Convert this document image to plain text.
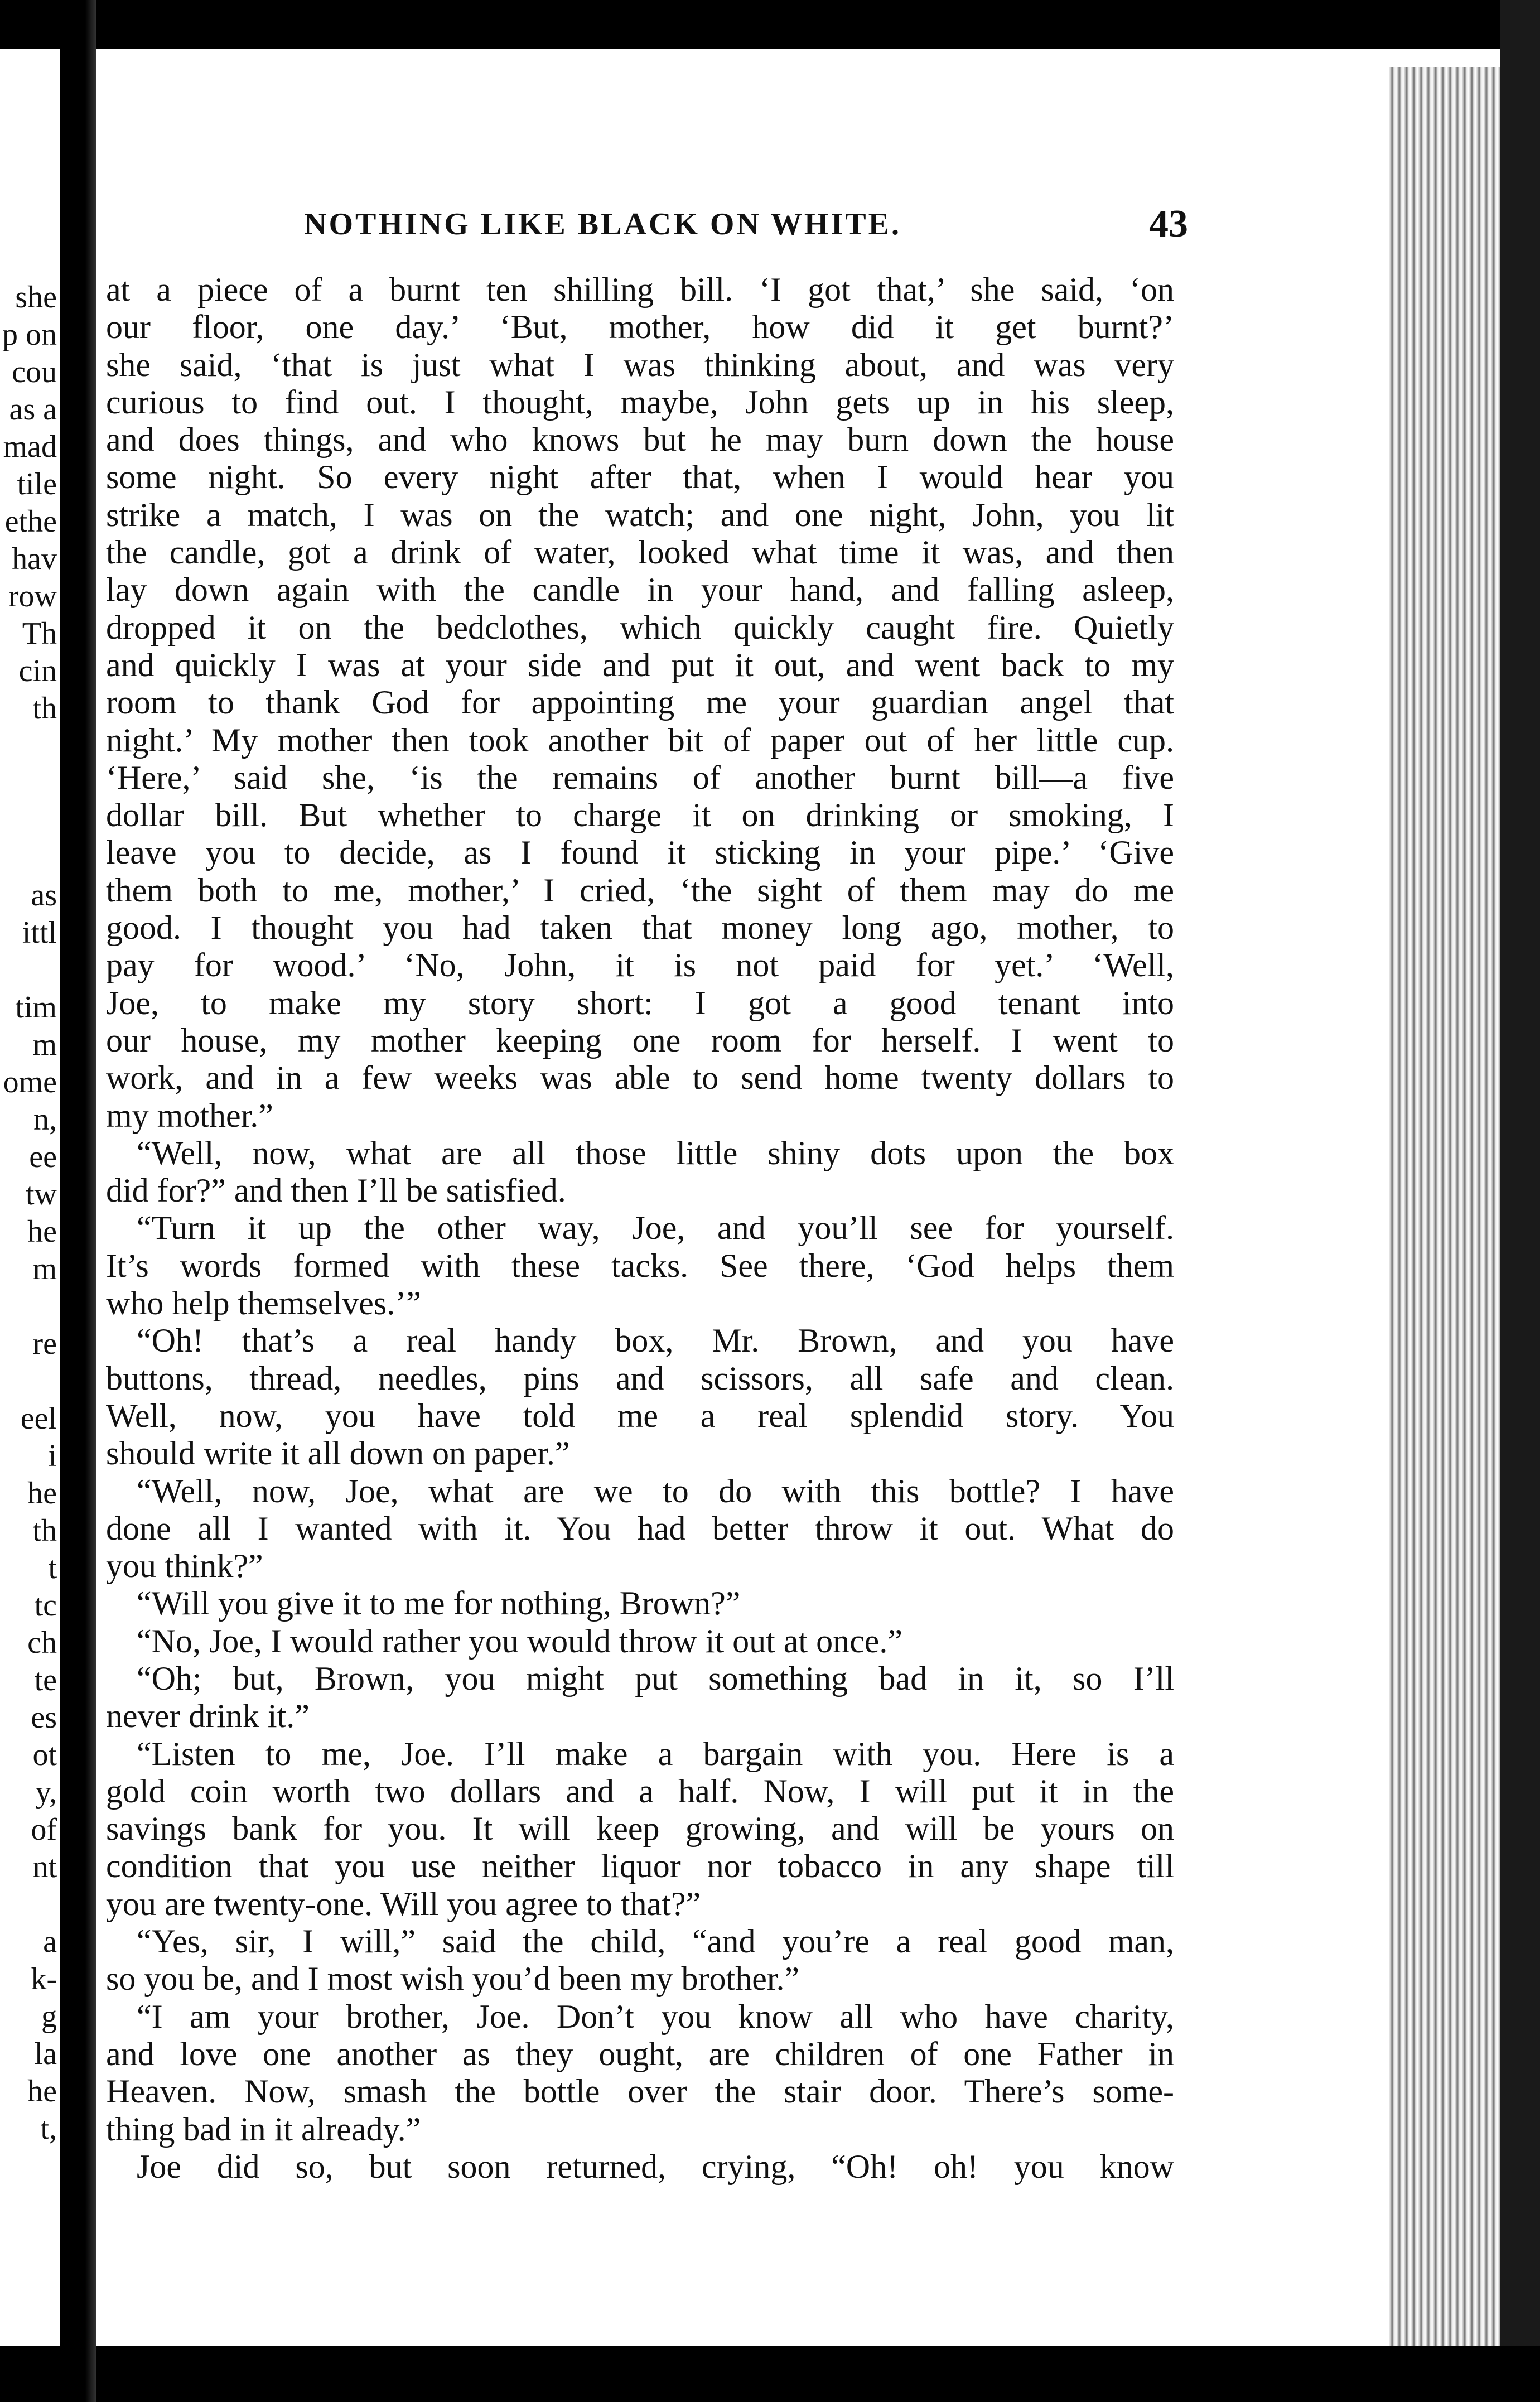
she
p on
cou
as a
mad
tile
ethe
hav
row
Th
cin
th
as
ittl
tim
m
ome
n,
ee
tw
he
m
re
eel
i
he
th
t
tc
ch
te
es
ot
y,
of
nt
a
k-
g
la
he
t,
NOTHING LIKE BLACK ON WHITE.	43
at a piece of a burnt ten shilling bill. ‘I got that,’ she said, ‘on
our floor, one day.’ ‘But, mother, how did it get burnt?’
she said, ‘that is just what I was thinking about, and was very
curious to find out. I thought, maybe, John gets up in his sleep,
and does things, and who knows but he may burn down the house
some night. So every night after that, when I would hear you
strike a match, I was on the watch; and one night, John, you lit
the candle, got a drink of water, looked what time it was, and then
lay down again with the candle in your hand, and falling asleep,
dropped it on the bedclothes, which quickly caught fire. Quietly
and quickly I was at your side and put it out, and went back to my
room to thank God for appointing me your guardian angel that
night.’ My mother then took another bit of paper out of her little cup.
‘Here,’ said she, ‘is the remains of another burnt bill—a five
dollar bill. But whether to charge it on drinking or smoking, I
leave you to decide, as I found it sticking in your pipe.’ ‘Give
them both to me, mother,’ I cried, ‘the sight of them may do me
good. I thought you had taken that money long ago, mother, to
pay for wood.’ ‘No, John, it is not paid for yet.’ ‘Well,
Joe, to make my story short: I got a good tenant into
our house, my mother keeping one room for herself. I went to
work, and in a few weeks was able to send home twenty dollars to
my mother.”
“Well, now, what are all those little shiny dots upon the box
did for?” and then I’ll be satisfied.
“Turn it up the other way, Joe, and you’ll see for yourself.
It’s words formed with these tacks. See there, ‘God helps them
who help themselves.’”
“Oh! that’s a real handy box, Mr. Brown, and you have
buttons, thread, needles, pins and scissors, all safe and clean.
Well, now, you have told me a real splendid story. You
should write it all down on paper.”
“Well, now, Joe, what are we to do with this bottle? I have
done all I wanted with it. You had better throw it out. What do
you think?”
“Will you give it to me for nothing, Brown?”
“No, Joe, I would rather you would throw it out at once.”
“Oh; but, Brown, you might put something bad in it, so I’ll
never drink it.”
“Listen to me, Joe. I’ll make a bargain with you. Here is a
gold coin worth two dollars and a half. Now, I will put it in the
savings bank for you. It will keep growing, and will be yours on
condition that you use neither liquor nor tobacco in any shape till
you are twenty-one. Will you agree to that?”
“Yes, sir, I will,” said the child, “and you’re a real good man,
so you be, and I most wish you’d been my brother.”
“I am your brother, Joe. Don’t you know all who have charity,
and love one another as they ought, are children of one Father in
Heaven. Now, smash the bottle over the stair door. There’s some-
thing bad in it already.”
Joe did so, but soon returned, crying, “Oh! oh! you know
